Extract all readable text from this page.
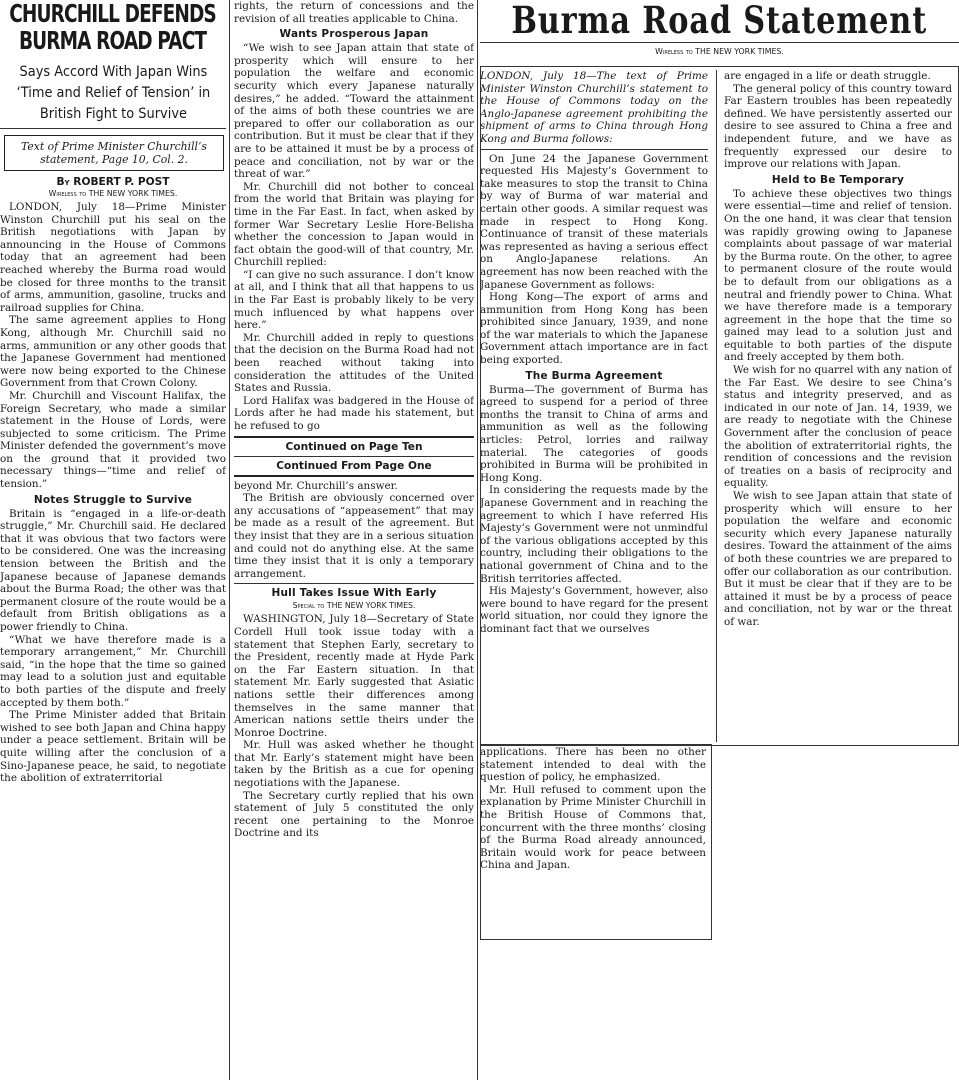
CHURCHILL DEFENDS BURMA ROAD PACT
Says Accord With Japan Wins ‘Time and Relief of Tension’ in British Fight to Survive
Text of Prime Minister Churchill’s statement, Page 10, Col. 2.
By ROBERT P. POST
Wireless to THE NEW YORK TIMES.

LONDON, July 18—Prime Minister Winston Churchill put his seal on the British negotiations with Japan by announcing in the House of Commons today that an agreement had been reached whereby the Burma road would be closed for three months to the transit of arms, ammunition, gasoline, trucks and railroad supplies for China.

The same agreement applies to Hong Kong, although Mr. Churchill said no arms, ammunition or any other goods that the Japanese Government had mentioned were now being exported to the Chinese Government from that Crown Colony.

Mr. Churchill and Viscount Halifax, the Foreign Secretary, who made a similar statement in the House of Lords, were subjected to some criticism. The Prime Minister defended the government’s move on the ground that it provided two necessary things—“time and relief of tension.”

Notes Struggle to Survive

Britain is “engaged in a life-or-death struggle,” Mr. Churchill said. He declared that it was obvious that two factors were to be considered. One was the increasing tension between the British and the Japanese because of Japanese demands about the Burma Road; the other was that permanent closure of the route would be a default from British obligations as a power friendly to China.

“What we have therefore made is a temporary arrangement,” Mr. Churchill said, “in the hope that the time so gained may lead to a solution just and equitable to both parties of the dispute and freely accepted by them both.”

The Prime Minister added that Britain wished to see both Japan and China happy under a peace settlement. Britain will be quite willing after the conclusion of a Sino-Japanese peace, he said, to negotiate the abolition of extraterritorial

rights, the return of concessions and the revision of all treaties applicable to China.

Wants Prosperous Japan

“We wish to see Japan attain that state of prosperity which will ensure to her population the welfare and economic security which every Japanese naturally desires,” he added. “Toward the attainment of the aims of both these countries we are prepared to offer our collaboration as our contribution. But it must be clear that if they are to be attained it must be by a process of peace and conciliation, not by war or the threat of war.”

Mr. Churchill did not bother to conceal from the world that Britain was playing for time in the Far East. In fact, when asked by former War Secretary Leslie Hore-Belisha whether the concession to Japan would in fact obtain the good-will of that country, Mr. Churchill replied:

“I can give no such assurance. I don’t know at all, and I think that all that happens to us in the Far East is probably likely to be very much influenced by what happens over here.”

Mr. Churchill added in reply to questions that the decision on the Burma Road had not been reached without taking into consideration the attitudes of the United States and Russia.

Lord Halifax was badgered in the House of Lords after he had made his statement, but he refused to go

Continued on Page Ten
Continued From Page One

beyond Mr. Churchill’s answer.

The British are obviously concerned over any accusations of “appeasement” that may be made as a result of the agreement. But they insist that they are in a serious situation and could not do anything else. At the same time they insist that it is only a temporary arrangement.

Hull Takes Issue With Early
Special to THE NEW YORK TIMES.

WASHINGTON, July 18—Secretary of State Cordell Hull took issue today with a statement that Stephen Early, secretary to the President, recently made at Hyde Park on the Far Eastern situation. In that statement Mr. Early suggested that Asiatic nations settle their differences among themselves in the same manner that American nations settle theirs under the Monroe Doctrine.

Mr. Hull was asked whether he thought that Mr. Early’s statement might have been taken by the British as a cue for opening negotiations with the Japanese.

The Secretary curtly replied that his own statement of July 5 constituted the only recent one pertaining to the Monroe Doctrine and its

Burma Road Statement
Wireless to THE NEW YORK TIMES.

LONDON, July 18—The text of Prime Minister Winston Churchill’s statement to the House of Commons today on the Anglo-Japanese agreement prohibiting the shipment of arms to China through Hong Kong and Burma follows:

On June 24 the Japanese Government requested His Majesty’s Government to take measures to stop the transit to China by way of Burma of war material and certain other goods. A similar request was made in respect to Hong Kong. Continuance of transit of these materials was represented as having a serious effect on Anglo-Japanese relations. An agreement has now been reached with the Japanese Government as follows:

Hong Kong—The export of arms and ammunition from Hong Kong has been prohibited since January, 1939, and none of the war materials to which the Japanese Government attach importance are in fact being exported.

The Burma Agreement

Burma—The government of Burma has agreed to suspend for a period of three months the transit to China of arms and ammunition as well as the following articles: Petrol, lorries and railway material. The categories of goods prohibited in Burma will be prohibited in Hong Kong.

In considering the requests made by the Japanese Government and in reaching the agreement to which I have referred His Majesty’s Government were not unmindful of the various obligations accepted by this country, including their obligations to the national government of China and to the British territories affected.

His Majesty’s Government, however, also were bound to have regard for the present world situation, nor could they ignore the dominant fact that we ourselves

are engaged in a life or death struggle.

The general policy of this country toward Far Eastern troubles has been repeatedly defined. We have persistently asserted our desire to see assured to China a free and independent future, and we have as frequently expressed our desire to improve our relations with Japan.

Held to Be Temporary

To achieve these objectives two things were essential—time and relief of tension. On the one hand, it was clear that tension was rapidly growing owing to Japanese complaints about passage of war material by the Burma route. On the other, to agree to permanent closure of the route would be to default from our obligations as a neutral and friendly power to China. What we have therefore made is a temporary agreement in the hope that the time so gained may lead to a solution just and equitable to both parties of the dispute and freely accepted by them both.

We wish for no quarrel with any nation of the Far East. We desire to see China’s status and integrity preserved, and as indicated in our note of Jan. 14, 1939, we are ready to negotiate with the Chinese Government after the conclusion of peace the abolition of extraterritorial rights, the rendition of concessions and the revision of treaties on a basis of reciprocity and equality.

We wish to see Japan attain that state of prosperity which will ensure to her population the welfare and economic security which every Japanese naturally desires. Toward the attainment of the aims of both these countries we are prepared to offer our collaboration as our contribution. But it must be clear that if they are to be attained it must be by a process of peace and conciliation, not by war or the threat of war.

applications. There has been no other statement intended to deal with the question of policy, he emphasized.

Mr. Hull refused to comment upon the explanation by Prime Minister Churchill in the British House of Commons that, concurrent with the three months’ closing of the Burma Road already announced, Britain would work for peace between China and Japan.
